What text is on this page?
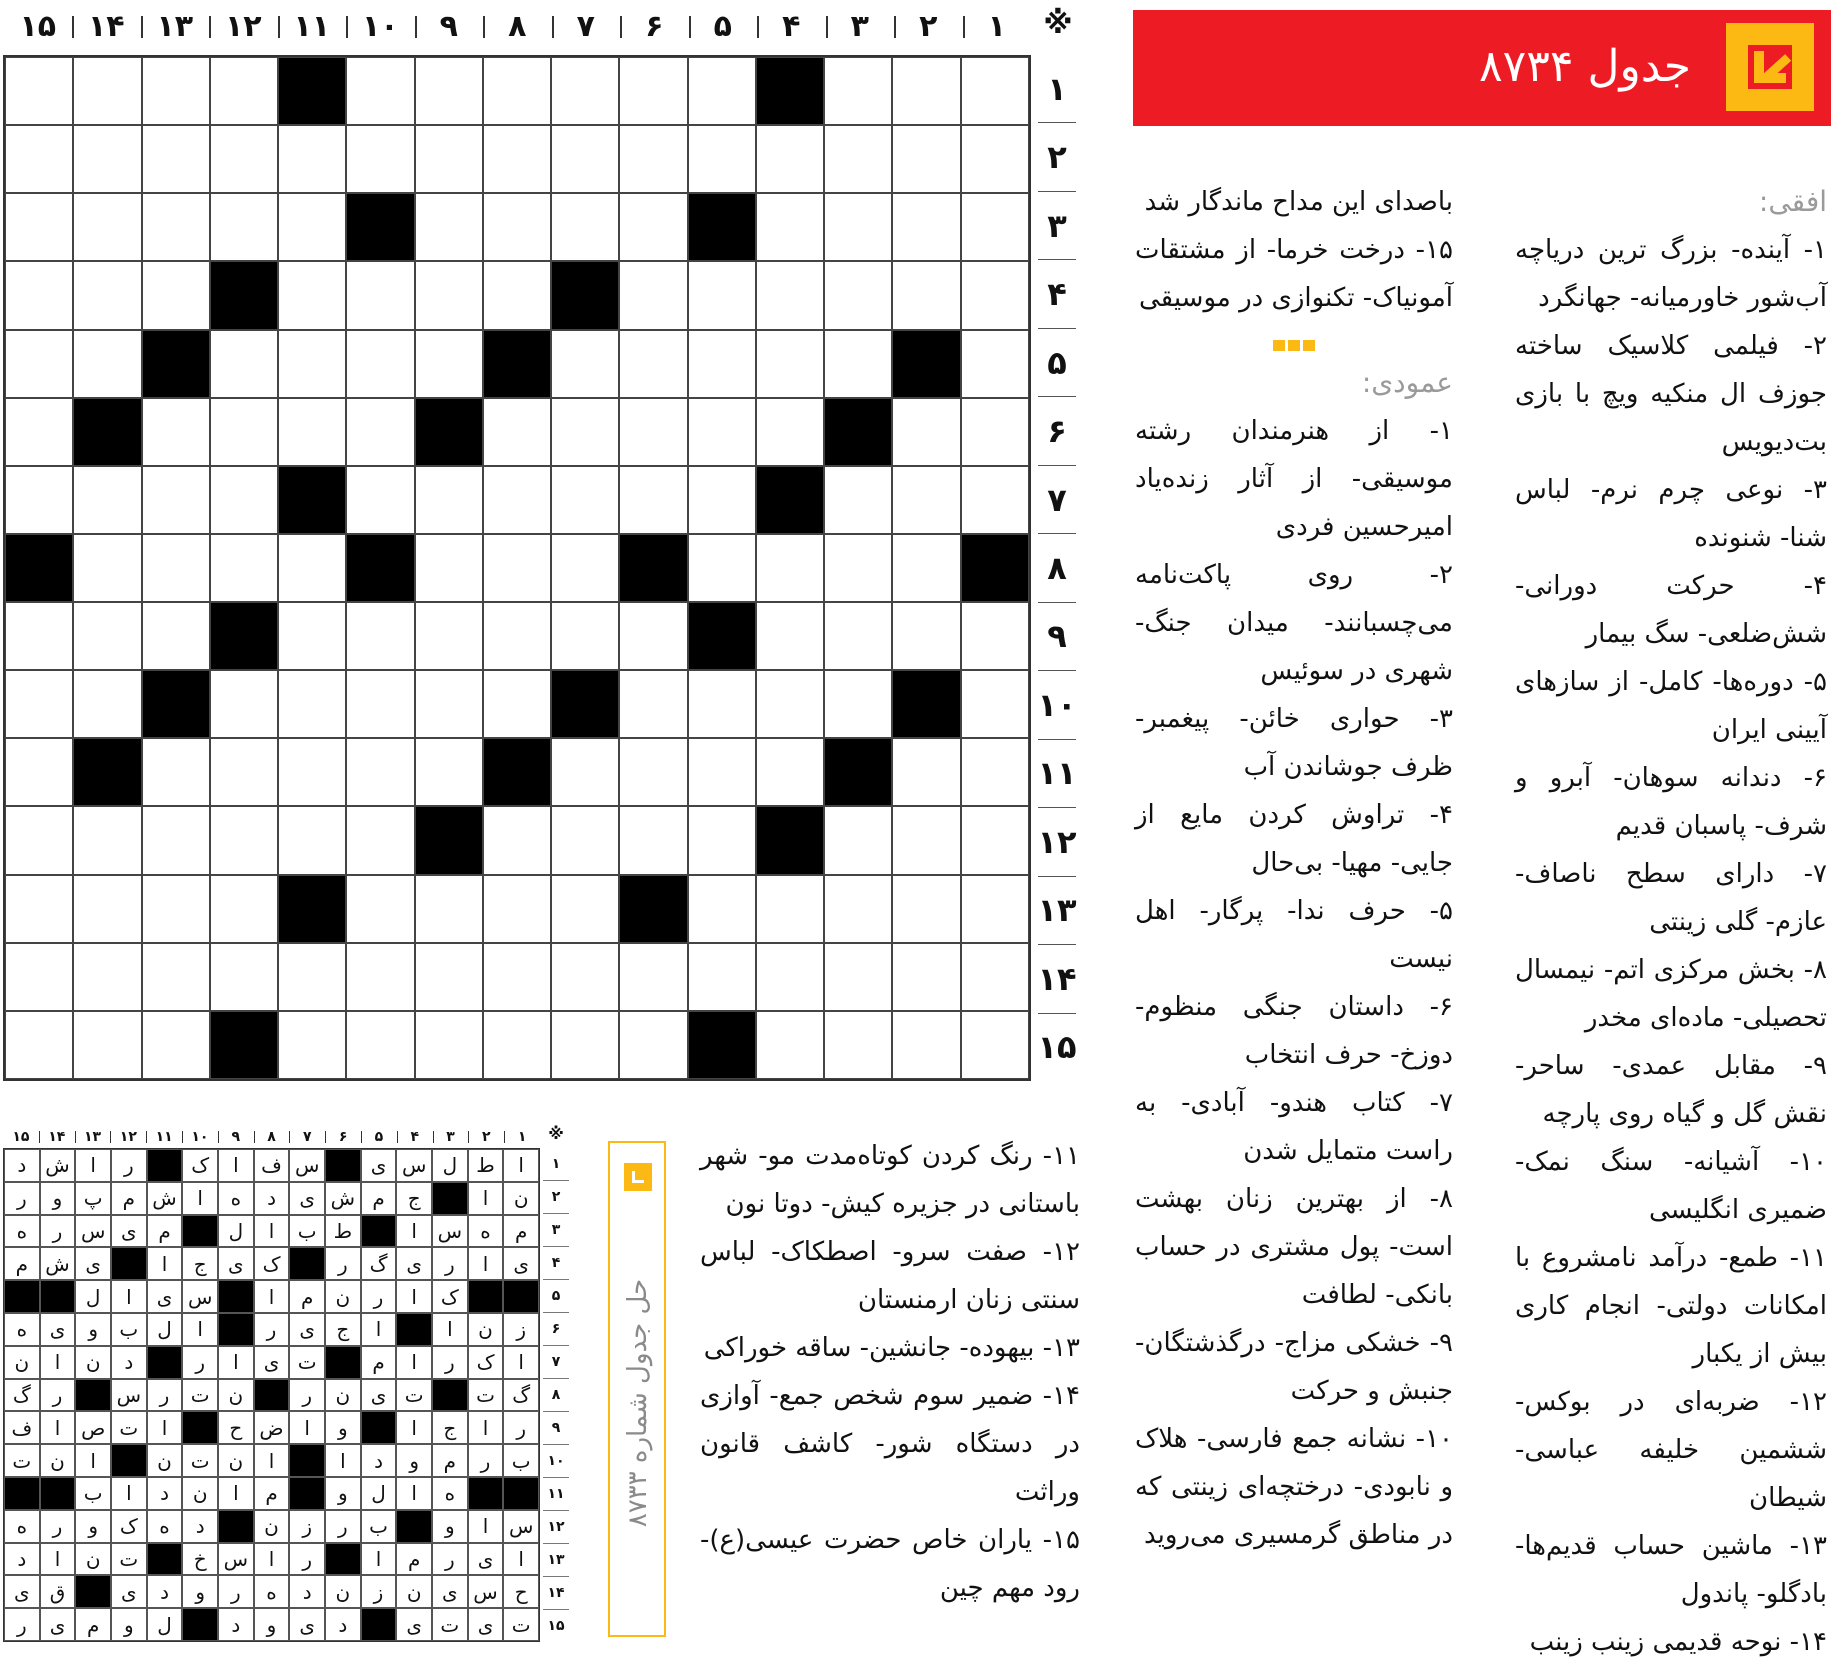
جدول ۸۷۳۴
※
۱
۲
۳
۴
۵
۶
۷
۸
۹
۱۰
۱۱
۱۲
۱۳
۱۴
۱۵
۱
۲
۳
۴
۵
۶
۷
۸
۹
۱۰
۱۱
۱۲
۱۳
۱۴
۱۵
افقی:
۱- آینده- بزرگ ترین دریاچه آب‌شور خاورمیانه- جهانگرد
۲- فیلمی کلاسیک ساخته جوزف ال منکیه ویچ با بازی بت‌دیویس
۳- نوعی چرم نرم- لباس شنا- شنونده
۴- حرکت دورانی- شش‌ضلعی- سگ بیمار
۵- دوره‌ها- کامل- از سازهای آیینی ایران
۶- دندانه سوهان- آبرو و شرف- پاسبان قدیم
۷- دارای سطح ناصاف- عازم- گلی زینتی
۸- بخش مرکزی اتم- نیمسال تحصیلی- ماده‌ای مخدر
۹- مقابل عمدی- ساحر- نقش گل و گیاه روی پارچه
۱۰- آشیانه- سنگ نمک- ضمیری انگلیسی
۱۱- طمع- درآمد نامشروع با امکانات دولتی- انجام کاری بیش از یکبار
۱۲- ضربه‌ای در بوکس- ششمین خلیفه عباسی- شیطان
۱۳- ماشین حساب قدیم‌ها- بادگلو- پاندول
۱۴- نوحه قدیمی زینب زینب
باصدای این مداح ماندگار شد
۱۵- درخت خرما- از مشتقات آمونیاک- تکنوازی در موسیقی
عمودی:
۱- از هنرمندان رشته موسیقی- از آثار زنده‌یاد امیرحسین فردی
۲- روی پاکت‌نامه می‌چسبانند- میدان جنگ- شهری در سوئیس
۳- حواری خائن- پیغمبر- ظرف جوشاندن آب
۴- تراوش کردن مایع از جایی- مهیا- بی‌حال
۵- حرف ندا- پرگار- اهل نیست
۶- داستان جنگی منظوم- دوزخ- حرف انتخاب
۷- کتاب هندو- آبادی- به راست متمایل شدن
۸- از بهترین زنان بهشت است- پول مشتری در حساب بانکی- لطافت
۹- خشکی مزاج- درگذشتگان- جنبش و حرکت
۱۰- نشانه جمع فارسی- هلاک و نابودی- درختچه‌ای زینتی که در مناطق گرمسیری می‌روید
۱۱- رنگ کردن کوتاه‌مدت مو- شهر باستانی در جزیره کیش- دوتا نون
۱۲- صفت سرو- اصطکاک- لباس سنتی زنان ارمنستان
۱۳- بیهوده- جانشین- ساقه خوراکی
۱۴- ضمیر سوم شخص جمع- آوازی در دستگاه شور- کاشف قانون وراثت
۱۵- یاران خاص حضرت عیسی(ع)- رود مهم چین
حل جدول شماره ۸۷۳۳
※
۱
۲
۳
۴
۵
۶
۷
۸
۹
۱۰
۱۱
۱۲
۱۳
۱۴
۱۵
ا
ط
ل
س
ی
س
ف
ا
ک
ر
ا
ش
د
ن
ا
ج
م
ش
ی
د
ه
ا
ش
م
پ
و
ر
م
ه
س
ا
ط
ب
ا
ل
م
ی
س
ر
ه
ی
ا
ر
ی
گ
ر
ک
ی
ج
ا
ی
ش
م
ک
ا
ر
ن
م
ا
س
ی
ا
ل
ز
ن
ا
ا
ج
ی
ر
ا
ل
ب
و
ی
ه
ا
ک
ر
ا
م
ت
ی
ا
ر
د
ن
ا
ن
گ
ت
ت
ی
ن
ر
ن
ت
ر
س
ر
گ
ر
ا
ج
ا
و
ا
ض
ح
ا
ت
ص
ا
ف
ب
ر
م
و
د
ا
ا
ن
ت
ن
ا
ن
ت
ه
ا
ل
و
م
ا
ن
د
ا
ب
س
ا
و
ب
ر
ز
ن
د
ه
ک
و
ر
ه
ا
ی
ر
م
ا
ر
ا
س
خ
ت
ن
ا
د
ح
س
ی
ن
ز
ن
د
ه
ر
و
د
ی
ق
ی
ت
ی
ت
ی
د
ی
و
د
ل
و
م
ی
ر
۱
۲
۳
۴
۵
۶
۷
۸
۹
۱۰
۱۱
۱۲
۱۳
۱۴
۱۵
